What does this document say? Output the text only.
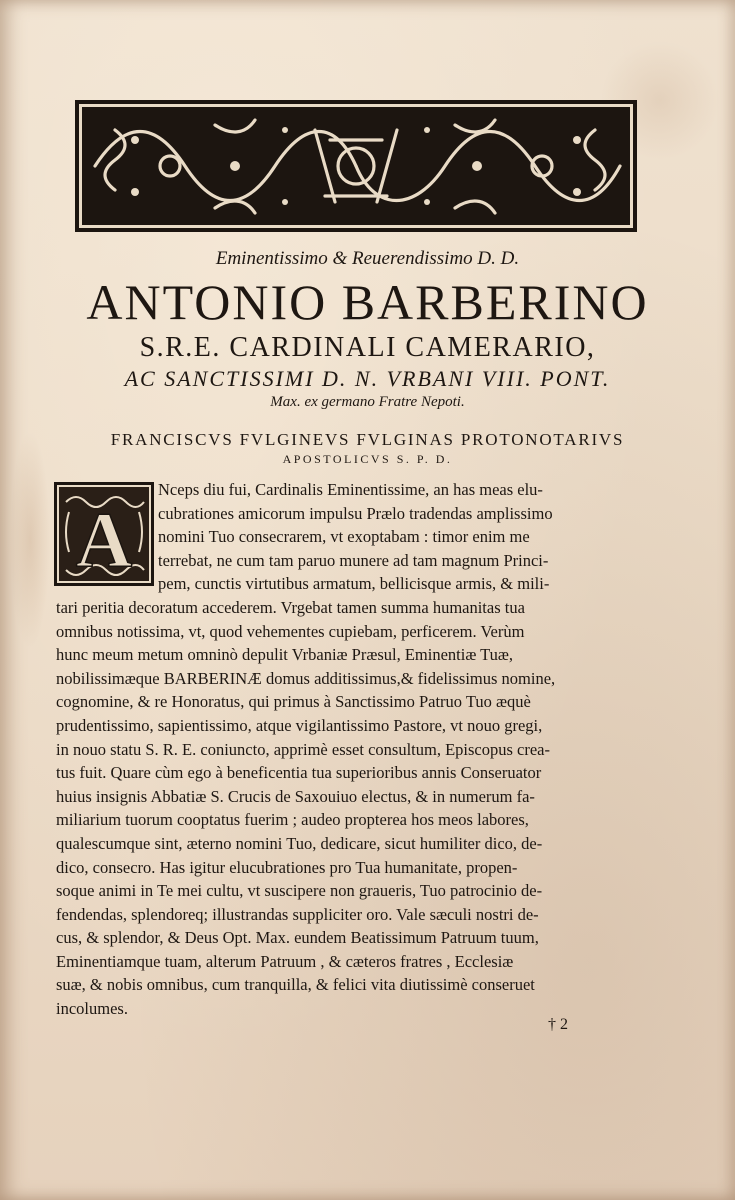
Eminentissimo & Reuerendissimo D. D.

ANTONIO BARBERINO

S.R.E. CARDINALI CAMERARIO,

AC SANCTISSIMI D. N. VRBANI VIII. PONT.

Max. ex germano Fratre Nepoti.

FRANCISCVS FVLGINEVS FVLGINAS PROTONOTARIVS

APOSTOLICVS S. P. D.

A
Nceps diu fui, Cardinalis Eminentissime, an has meas elu-
cubrationes amicorum impulsu Prælo tradendas amplissimo
nomini Tuo consecrarem, vt exoptabam : timor enim me
terrebat, ne cum tam paruo munere ad tam magnum Princi-
pem, cunctis virtutibus armatum, bellicisque armis, & mili-
tari peritia decoratum accederem. Vrgebat tamen summa humanitas tua
omnibus notissima, vt, quod vehementes cupiebam, perficerem. Verùm
hunc meum metum omninò depulit Vrbaniæ Præsul, Eminentiæ Tuæ,
nobilissimæque BARBERINÆ domus additissimus,& fidelissimus nomine,
cognomine, & re Honoratus, qui primus à Sanctissimo Patruo Tuo æquè
prudentissimo, sapientissimo, atque vigilantissimo Pastore, vt nouo gregi,
in nouo statu S. R. E. coniuncto, apprimè esset consultum, Episcopus crea-
tus fuit. Quare cùm ego à beneficentia tua superioribus annis Conseruator
huius insignis Abbatiæ S. Crucis de Saxouiuo electus, & in numerum fa-
miliarium tuorum cooptatus fuerim ; audeo propterea hos meos labores,
qualescumque sint, æterno nomini Tuo, dedicare, sicut humiliter dico, de-
dico, consecro. Has igitur elucubrationes pro Tua humanitate, propen-
soque animi in Te mei cultu, vt suscipere non graueris, Tuo patrocinio de-
fendendas, splendoreq; illustrandas suppliciter oro. Vale sæculi nostri de-
cus, & splendor, & Deus Opt. Max. eundem Beatissimum Patruum tuum,
Eminentiamque tuam, alterum Patruum , & cæteros fratres , Ecclesiæ
suæ, & nobis omnibus, cum tranquilla, & felici vita diutissimè conseruet
incolumes.
† 2
